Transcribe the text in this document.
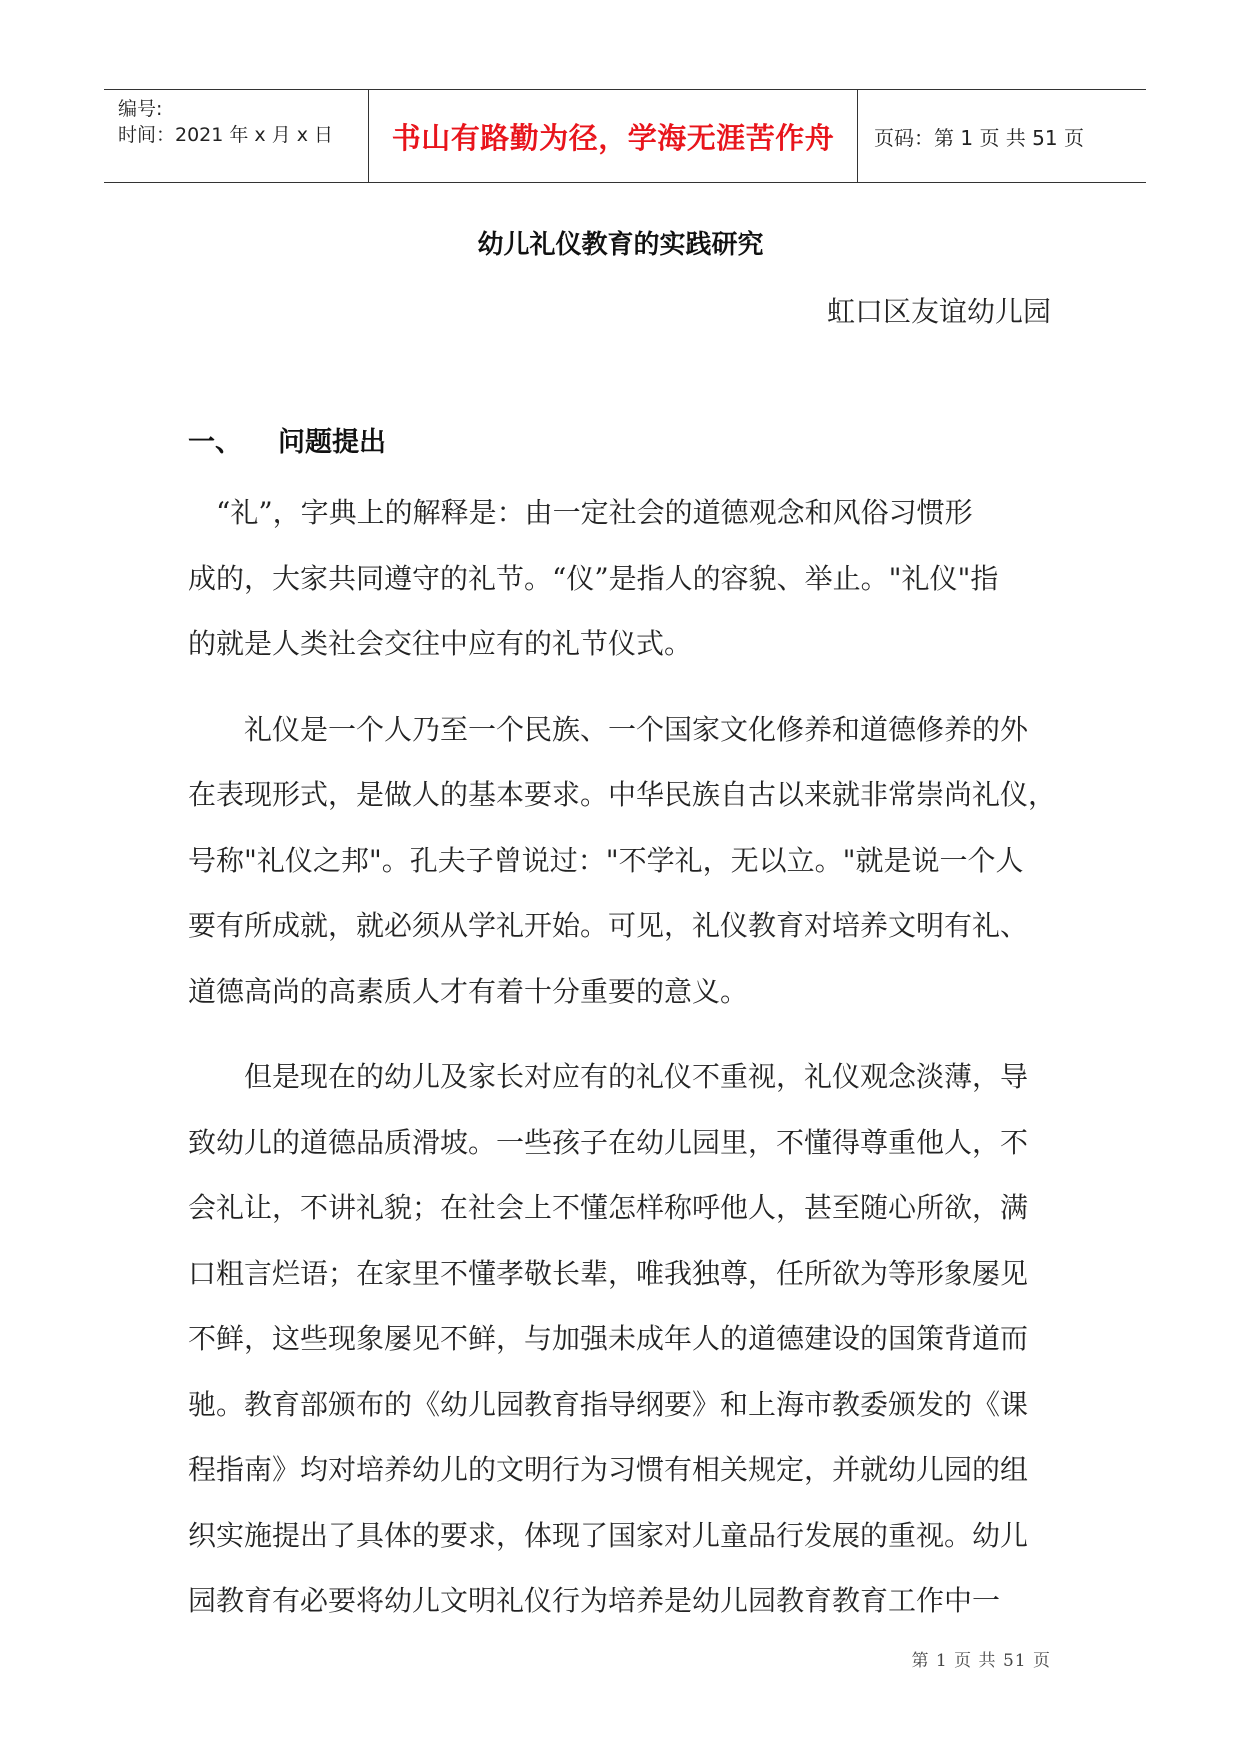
编号:
时间：2021 年 x 月 x 日 书山有路勤为径，学海无涯苦作舟 页码：第 1 页 共 51 页
幼儿礼仪教育的实践研究
虹口区友谊幼儿园
一、 问题提出
　“礼”，字典上的解释是：由一定社会的道德观念和风俗习惯形
成的，大家共同遵守的礼节。“仪”是指人的容貌、举止。"礼仪"指
的就是人类社会交往中应有的礼节仪式。
　　礼仪是一个人乃至一个民族、一个国家文化修养和道德修养的外
在表现形式，是做人的基本要求。中华民族自古以来就非常崇尚礼仪，
号称"礼仪之邦"。孔夫子曾说过："不学礼，无以立。"就是说一个人
要有所成就，就必须从学礼开始。可见，礼仪教育对培养文明有礼、
道德高尚的高素质人才有着十分重要的意义。
　　但是现在的幼儿及家长对应有的礼仪不重视，礼仪观念淡薄，导
致幼儿的道德品质滑坡。一些孩子在幼儿园里，不懂得尊重他人，不
会礼让，不讲礼貌；在社会上不懂怎样称呼他人，甚至随心所欲，满
口粗言烂语；在家里不懂孝敬长辈，唯我独尊，任所欲为等形象屡见
不鲜，这些现象屡见不鲜，与加强未成年人的道德建设的国策背道而
驰。教育部颁布的《幼儿园教育指导纲要》和上海市教委颁发的《课
程指南》均对培养幼儿的文明行为习惯有相关规定，并就幼儿园的组
织实施提出了具体的要求，体现了国家对儿童品行发展的重视。幼儿
园教育有必要将幼儿文明礼仪行为培养是幼儿园教育教育工作中一
第 1 页 共 51 页
